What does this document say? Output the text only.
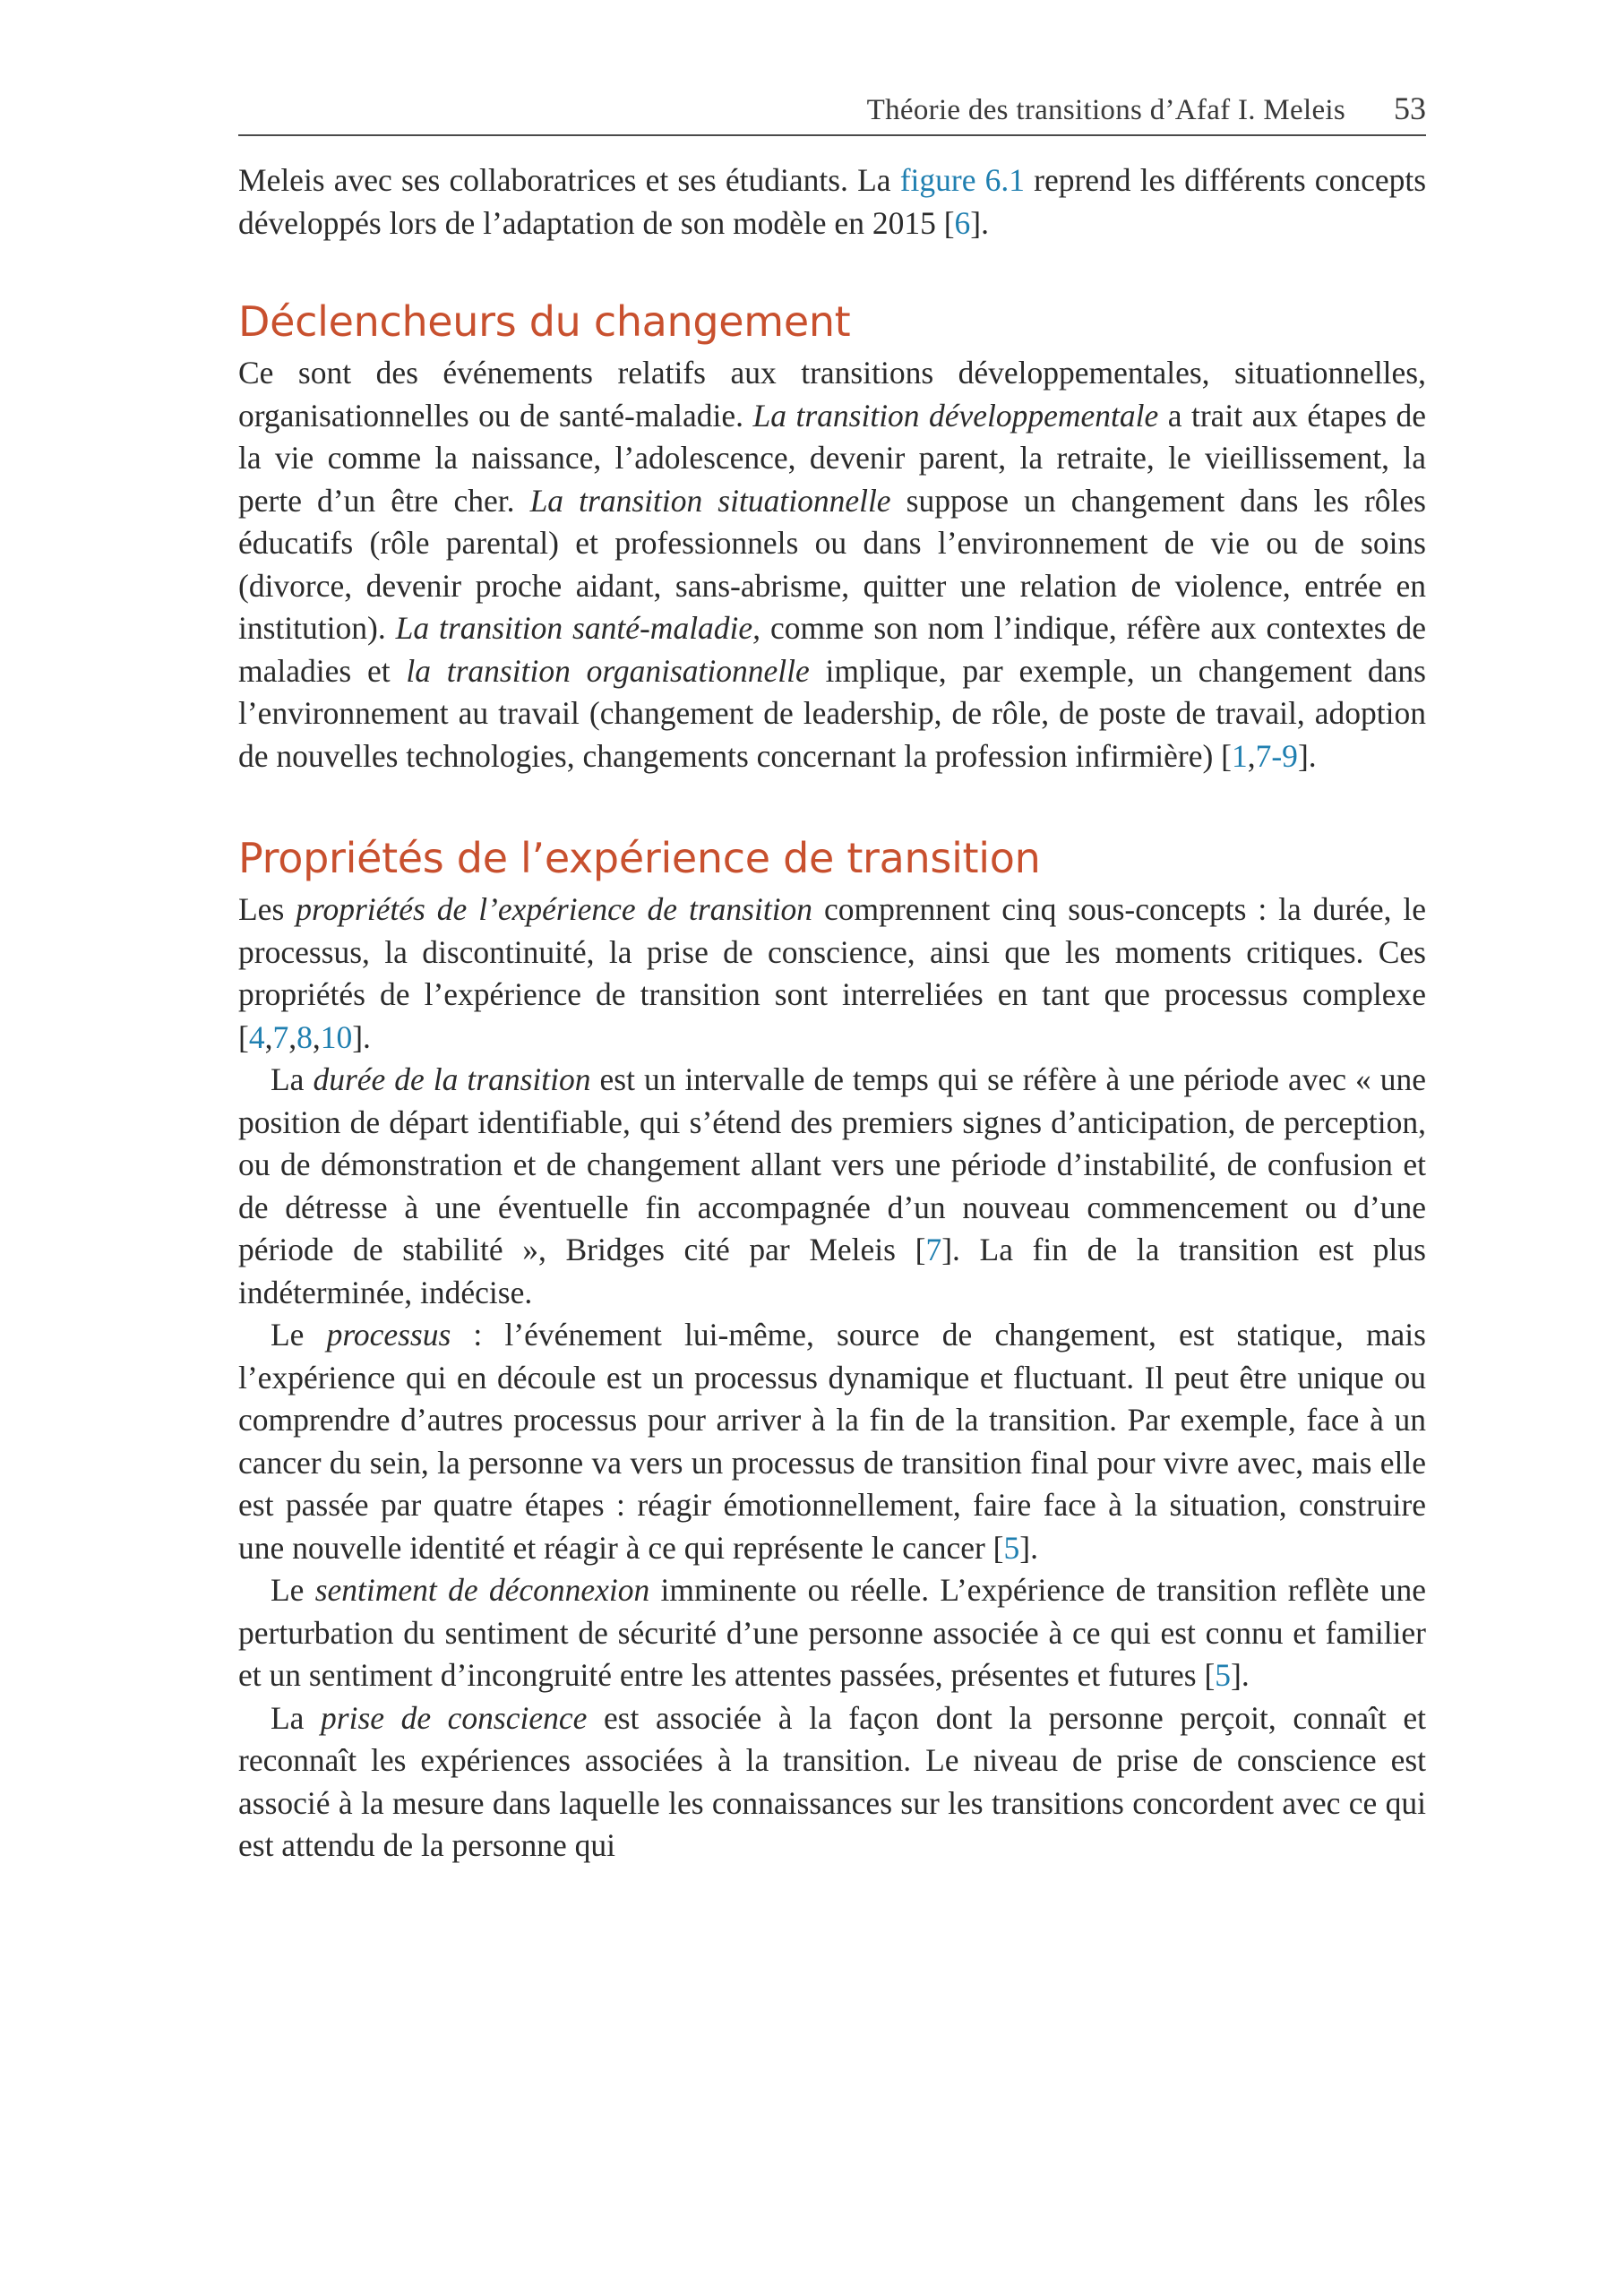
Théorie des transitions d’Afaf I. Meleis 53

Meleis avec ses collaboratrices et ses étudiants. La figure 6.1 reprend les différents concepts développés lors de l’adaptation de son modèle en 2015 [6].

Déclencheurs du changement

Ce sont des événements relatifs aux transitions développementales, situationnelles, organisationnelles ou de santé-maladie. La transition développementale a trait aux étapes de la vie comme la naissance, l’adolescence, devenir parent, la retraite, le vieillissement, la perte d’un être cher. La transition situationnelle suppose un changement dans les rôles éducatifs (rôle parental) et professionnels ou dans l’environnement de vie ou de soins (divorce, devenir proche aidant, sans-abrisme, quitter une relation de violence, entrée en institution). La transition santé-maladie, comme son nom l’indique, réfère aux contextes de maladies et la transition organisationnelle implique, par exemple, un changement dans l’environnement au travail (changement de leadership, de rôle, de poste de travail, adoption de nouvelles technologies, changements concernant la profession infirmière) [1,7-9].

Propriétés de l’expérience de transition

Les propriétés de l’expérience de transition comprennent cinq sous-concepts : la durée, le processus, la discontinuité, la prise de conscience, ainsi que les moments critiques. Ces propriétés de l’expérience de transition sont interreliées en tant que processus complexe [4,7,8,10].

La durée de la transition est un intervalle de temps qui se réfère à une période avec « une position de départ identifiable, qui s’étend des premiers signes d’anticipation, de perception, ou de démonstration et de changement allant vers une période d’instabilité, de confusion et de détresse à une éventuelle fin accompagnée d’un nouveau commencement ou d’une période de stabilité », Bridges cité par Meleis [7]. La fin de la transition est plus indéterminée, indécise.

Le processus : l’événement lui-même, source de changement, est statique, mais l’expérience qui en découle est un processus dynamique et fluctuant. Il peut être unique ou comprendre d’autres processus pour arriver à la fin de la transition. Par exemple, face à un cancer du sein, la personne va vers un processus de transition final pour vivre avec, mais elle est passée par quatre étapes : réagir émotionnellement, faire face à la situation, construire une nouvelle identité et réagir à ce qui représente le cancer [5].

Le sentiment de déconnexion imminente ou réelle. L’expérience de transition reflète une perturbation du sentiment de sécurité d’une personne associée à ce qui est connu et familier et un sentiment d’incongruité entre les attentes passées, présentes et futures [5].

La prise de conscience est associée à la façon dont la personne perçoit, connaît et reconnaît les expériences associées à la transition. Le niveau de prise de conscience est associé à la mesure dans laquelle les connaissances sur les transitions concordent avec ce qui est attendu de la personne qui
